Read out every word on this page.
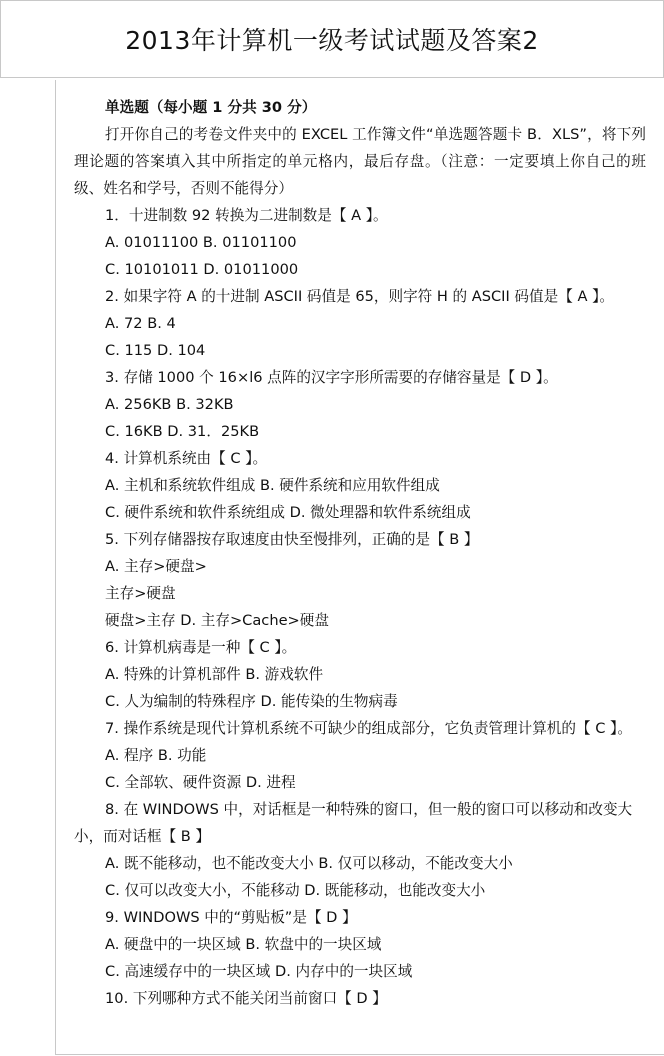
2013年计算机一级考试试题及答案2
单选题（每小题 1 分共 30 分）
打开你自己的考卷文件夹中的 EXCEL 工作簿文件“单选题答题卡 B．XLS”，将下列理论题的答案填入其中所指定的单元格内，最后存盘。（注意：一定要填上你自己的班级、姓名和学号，否则不能得分）
1．十进制数 92 转换为二进制数是【 A 】。
A. 01011100 B. 01101100
C. 10101011 D. 01011000
2. 如果字符 A 的十进制 ASCII 码值是 65，则字符 H 的 ASCII 码值是【 A 】。
A. 72 B. 4
C. 115 D. 104
3. 存储 1000 个 16×l6 点阵的汉字字形所需要的存储容量是【 D 】。
A. 256KB B. 32KB
C. 16KB D. 31．25KB
4. 计算机系统由【 C 】。
A. 主机和系统软件组成 B. 硬件系统和应用软件组成
C. 硬件系统和软件系统组成 D. 微处理器和软件系统组成
5. 下列存储器按存取速度由快至慢排列，正确的是【 B 】
A. 主存>硬盘>
主存>硬盘
硬盘>主存 D. 主存>Cache>硬盘
6. 计算机病毒是一种【 C 】。
A. 特殊的计算机部件 B. 游戏软件
C. 人为编制的特殊程序 D. 能传染的生物病毒
7. 操作系统是现代计算机系统不可缺少的组成部分，它负责管理计算机的【 C 】。
A. 程序 B. 功能
C. 全部软、硬件资源 D. 进程
8. 在 WINDOWS 中，对话框是一种特殊的窗口，但一般的窗口可以移动和改变大小，而对话框【 B 】
A. 既不能移动，也不能改变大小 B. 仅可以移动，不能改变大小
C. 仅可以改变大小，不能移动 D. 既能移动，也能改变大小
9. WINDOWS 中的“剪贴板”是【 D 】
A. 硬盘中的一块区域 B. 软盘中的一块区域
C. 高速缓存中的一块区域 D. 内存中的一块区域
10. 下列哪种方式不能关闭当前窗口【 D 】
